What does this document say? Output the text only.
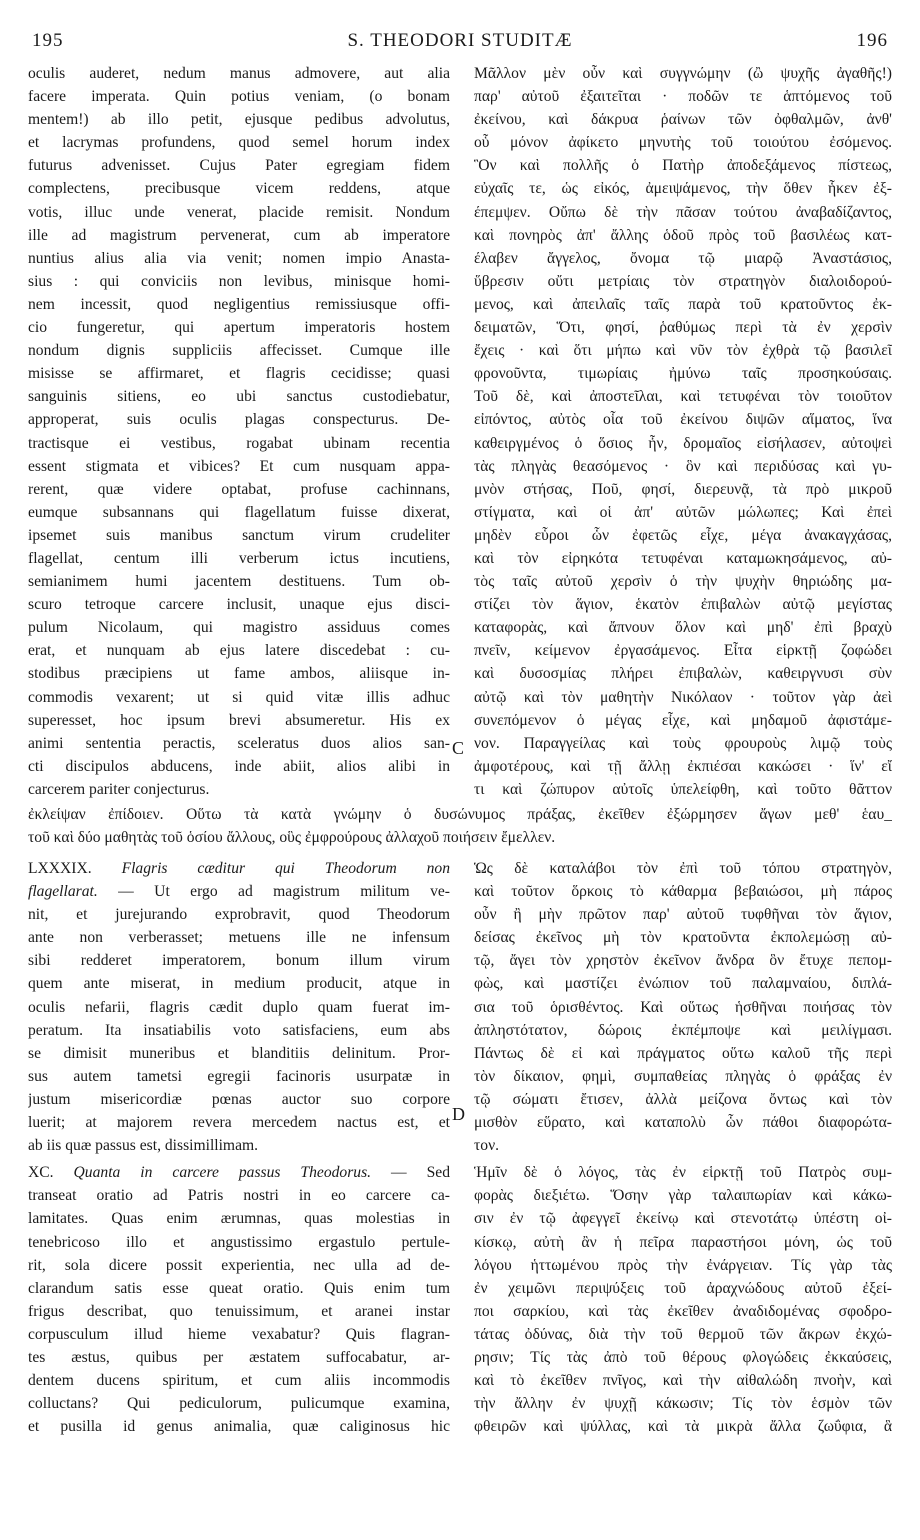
195	S. THEODORI STUDITÆ	196
oculis auderet, nedum manus admovere, aut alia
facere imperata. Quin potius veniam, (o bonam
mentem!) ab illo petit, ejusque pedibus advolutus,
et lacrymas profundens, quod semel horum index
futurus advenisset. Cujus Pater egregiam fidem
complectens, precibusque vicem reddens, atque
votis, illuc unde venerat, placide remisit. Nondum
ille ad magistrum pervenerat, cum ab imperatore
nuntius alius alia via venit; nomen impio Anasta-
sius : qui conviciis non levibus, minisque homi-
nem incessit, quod negligentius remissiusque offi-
cio fungeretur, qui apertum imperatoris hostem
nondum dignis suppliciis affecisset. Cumque ille
misisse se affirmaret, et flagris cecidisse; quasi
sanguinis sitiens, eo ubi sanctus custodiebatur,
approperat, suis oculis plagas conspecturus. De-
tractisque ei vestibus, rogabat ubinam recentia
essent stigmata et vibices? Et cum nusquam appa-
rerent, quæ videre optabat, profuse cachinnans,
eumque subsannans qui flagellatum fuisse dixerat,
ipsemet suis manibus sanctum virum crudeliter
flagellat, centum illi verberum ictus incutiens,
semianimem humi jacentem destituens. Tum ob-
scuro tetroque carcere inclusit, unaque ejus disci-
pulum Nicolaum, qui magistro assiduus comes
erat, et nunquam ab ejus latere discedebat : cu-
stodibus præcipiens ut fame ambos, aliisque in-
commodis vexarent; ut si quid vitæ illis adhuc
superesset, hoc ipsum brevi absumeretur. His ex
animi sententia peractis, sceleratus duos alios san-
cti discipulos abducens, inde abiit, alios alibi in
carcerem pariter conjecturus.
Μᾶλλον μὲν οὖν καὶ συγγνώμην (ὢ ψυχῆς ἀγαθῆς!)
παρ' αὐτοῦ ἐξαιτεῖται · ποδῶν τε ἁπτόμενος τοῦ
ἐκείνου, καὶ δάκρυα ῥαίνων τῶν ὀφθαλμῶν, ἀνθ'
οὗ μόνον ἀφίκετο μηνυτὴς τοῦ τοιούτου ἐσόμενος.
Ὃν καὶ πολλῆς ὁ Πατὴρ ἀποδεξάμενος πίστεως,
εὐχαῖς τε, ὡς εἰκός, ἀμειψάμενος, τὴν ὅθεν ἧκεν ἐξ-
έπεμψεν. Οὔπω δὲ τὴν πᾶσαν τούτου ἀναβαδίζαντος,
καὶ πονηρὸς ἀπ' ἄλλης ὁδοῦ πρὸς τοῦ βασιλέως κατ-
έλαβεν ἄγγελος, ὄνομα τῷ μιαρῷ Ἀναστάσιος,
ὕβρεσιν οὔτι μετρίαις τὸν στρατηγὸν διαλοιδορού-
μενος, καὶ ἀπειλαῖς ταῖς παρὰ τοῦ κρατοῦντος ἐκ-
δειματῶν, Ὅτι, φησί, ῥαθύμως περὶ τὰ ἐν χερσὶν
ἔχεις · καὶ ὅτι μήπω καὶ νῦν τὸν ἐχθρὰ τῷ βασιλεῖ
φρονοῦντα, τιμωρίαις ἠμύνω ταῖς προσηκούσαις.
Τοῦ δὲ, καὶ ἀποστεῖλαι, καὶ τετυφέναι τὸν τοιοῦτον
εἰπόντος, αὐτὸς οἷα τοῦ ἐκείνου διψῶν αἵματος, ἵνα
καθειργμένος ὁ ὅσιος ἦν, δρομαῖος εἰσήλασεν, αὐτοψεὶ
τὰς πληγὰς θεασόμενος · ὃν καὶ περιδύσας καὶ γυ-
μνὸν στήσας, Ποῦ, φησί, διερευνᾷ, τὰ πρὸ μικροῦ
στίγματα, καὶ οἱ ἀπ' αὐτῶν μώλωπες; Καὶ ἐπεὶ
μηδὲν εὗροι ὧν ἐφετῶς εἶχε, μέγα ἀνακαγχάσας,
καὶ τὸν εἰρηκότα τετυφέναι καταμωκησάμενος, αὐ-
τὸς ταῖς αὐτοῦ χερσὶν ὁ τὴν ψυχὴν θηριώδης μα-
στίζει τὸν ἅγιον, ἑκατὸν ἐπιβαλὼν αὐτῷ μεγίστας
καταφορὰς, καὶ ἄπνουν ὅλον καὶ μηδ' ἐπὶ βραχὺ
πνεῖν, κείμενον ἐργασάμενος. Εἶτα εἱρκτῇ ζοφώδει
καὶ δυσοσμίας πλήρει ἐπιβαλὼν, καθειργνυσι σὺν
αὐτῷ καὶ τὸν μαθητὴν Νικόλαον · τοῦτον γὰρ ἀεὶ
συνεπόμενον ὁ μέγας εἶχε, καὶ μηδαμοῦ ἀφιστάμε-
νον. Παραγγείλας καὶ τοὺς φρουροὺς λιμῷ τοὺς
ἀμφοτέρους, καὶ τῇ ἄλλῃ ἐκπιέσαι κακώσει · ἵν' εἴ
τι καὶ ζώπυρον αὐτοῖς ὑπελείφθη, καὶ τοῦτο θᾶττον
C
ἐκλείψαν ἐπίδοιεν. Οὕτω τὰ κατὰ γνώμην ὁ δυσώνυμος πράξας, ἐκεῖθεν ἐξώρμησεν ἄγων μεθ' ἑαυ_
τοῦ καὶ δύο μαθητὰς τοῦ ὁσίου ἄλλους, οὓς ἐμφρούρους ἀλλαχοῦ ποιήσειν ἔμελλεν.
LXXXIX. Flagris cæditur qui Theodorum non
flagellarat. — Ut ergo ad magistrum militum ve-
nit, et jurejurando exprobravit, quod Theodorum
ante non verberasset; metuens ille ne infensum
sibi redderet imperatorem, bonum illum virum
quem ante miserat, in medium producit, atque in
oculis nefarii, flagris cædit duplo quam fuerat im-
peratum. Ita insatiabilis voto satisfaciens, eum abs
se dimisit muneribus et blanditiis delinitum. Pror-
sus autem tametsi egregii facinoris usurpatæ in
justum misericordiæ pœnas auctor suo corpore
luerit; at majorem revera mercedem nactus est, et
ab iis quæ passus est, dissimillimam.
XC. Quanta in carcere passus Theodorus. — Sed
transeat oratio ad Patris nostri in eo carcere ca-
lamitates. Quas enim ærumnas, quas molestias in
tenebricoso illo et angustissimo ergastulo pertule-
rit, sola dicere possit experientia, nec ulla ad de-
clarandum satis esse queat oratio. Quis enim tum
frigus describat, quo tenuissimum, et aranei instar
corpusculum illud hieme vexabatur? Quis flagran-
tes æstus, quibus per æstatem suffocabatur, ar-
dentem ducens spiritum, et cum aliis incommodis
colluctans? Qui pediculorum, pulicumque examina,
et pusilla id genus animalia, quæ caliginosus hic
Ὡς δὲ καταλάβοι τὸν ἐπὶ τοῦ τόπου στρατηγὸν,
καὶ τοῦτον ὅρκοις τὸ κάθαρμα βεβαιώσοι, μὴ πάρος
οὖν ἢ μὴν πρῶτον παρ' αὐτοῦ τυφθῆναι τὸν ἅγιον,
δείσας ἐκεῖνος μὴ τὸν κρατοῦντα ἐκπολεμώσῃ αὐ-
τῷ, ἄγει τὸν χρηστὸν ἐκεῖνον ἄνδρα ὃν ἔτυχε πεπομ-
φὼς, καὶ μαστίζει ἐνώπιον τοῦ παλαμναίου, διπλά-
σια τοῦ ὁρισθέντος. Καὶ οὕτως ἡσθῆναι ποιήσας τὸν
ἀπληστότατον, δώροις ἐκπέμποψε καὶ μειλίγμασι.
Πάντως δὲ εἰ καὶ πράγματος οὕτω καλοῦ τῆς περὶ
τὸν δίκαιον, φημὶ, συμπαθείας πληγὰς ὁ φράξας ἐν
τῷ σώματι ἔτισεν, ἀλλὰ μείζονα ὄντως καὶ τὸν
μισθὸν εὕρατο, καὶ καταπολὺ ὧν πάθοι διαφορώτα-
τον.
Ἡμῖν δὲ ὁ λόγος, τὰς ἐν εἱρκτῇ τοῦ Πατρὸς συμ-
φορὰς διεξιέτω. Ὅσην γὰρ ταλαιπωρίαν καὶ κάκω-
σιν ἐν τῷ ἀφεγγεῖ ἐκείνῳ καὶ στενοτάτῳ ὑπέστη οἰ-
κίσκῳ, αὐτὴ ἂν ἡ πεῖρα παραστήσοι μόνη, ὡς τοῦ
λόγου ἡττωμένου πρὸς τὴν ἐνάργειαν. Τίς γὰρ τὰς
ἐν χειμῶνι περιψύξεις τοῦ ἀραχνώδους αὐτοῦ ἐξεί-
ποι σαρκίου, καὶ τὰς ἐκεῖθεν ἀναδιδομένας σφοδρο-
τάτας ὀδύνας, διὰ τὴν τοῦ θερμοῦ τῶν ἄκρων ἐκχώ-
ρησιν; Τίς τὰς ἀπὸ τοῦ θέρους φλογώδεις ἐκκαύσεις,
καὶ τὸ ἐκεῖθεν πνῖγος, καὶ τὴν αἰθαλώδη πνοὴν, καὶ
τὴν ἄλλην ἐν ψυχῇ κάκωσιν; Τίς τὸν ἑσμὸν τῶν
φθειρῶν καὶ ψύλλας, καὶ τὰ μικρὰ ἄλλα ζωΰφια, ἃ
D
